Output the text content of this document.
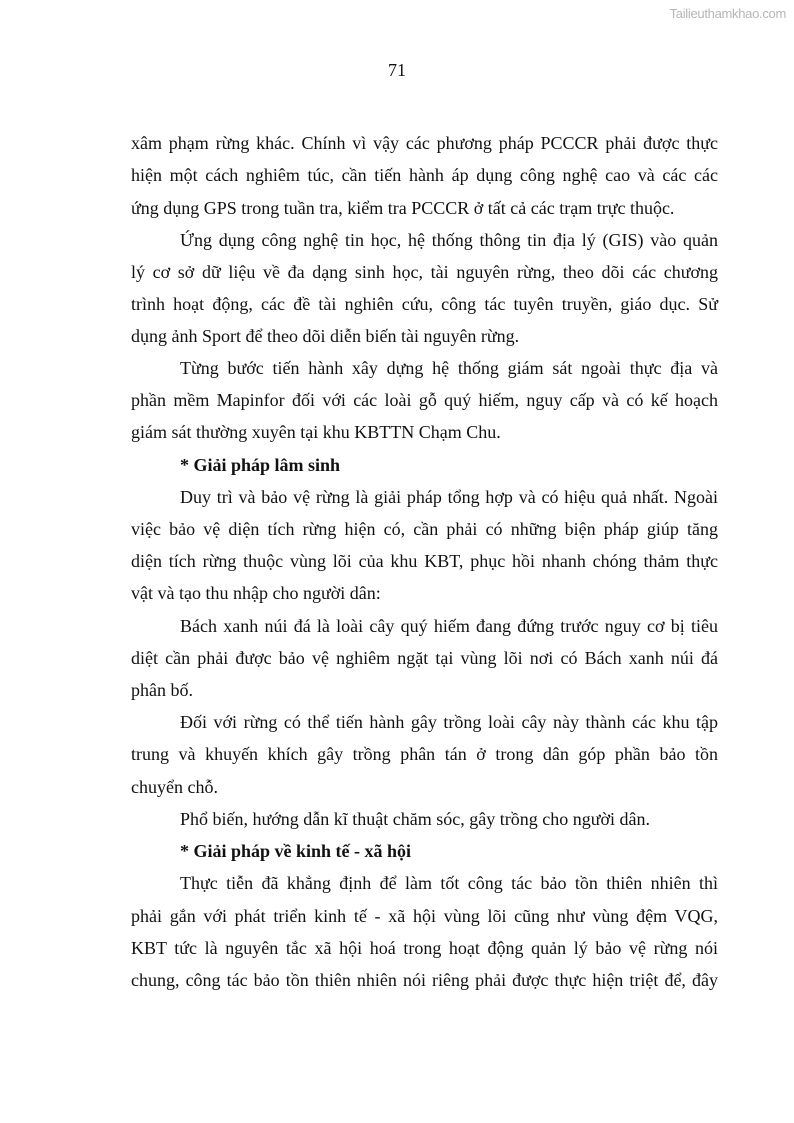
Tailieuthamkhao.com
71
xâm phạm rừng khác. Chính vì vậy các phương pháp PCCCR phải được thực
hiện một cách nghiêm túc, cần tiến hành áp dụng công nghệ cao và các các
ứng dụng GPS trong tuần tra, kiểm tra PCCCR ở tất cả các trạm trực thuộc.
Ứng dụng công nghệ tin học, hệ thống thông tin địa lý (GIS) vào quản
lý cơ sở dữ liệu về đa dạng sinh học, tài nguyên rừng, theo dõi các chương
trình hoạt động, các đề tài nghiên cứu, công tác tuyên truyền, giáo dục. Sử
dụng ảnh Sport để theo dõi diễn biến tài nguyên rừng.
Từng bước tiến hành xây dựng hệ thống giám sát ngoài thực địa và
phần mềm Mapinfor đối với các loài gỗ quý hiếm, nguy cấp và có kế hoạch
giám sát thường xuyên tại khu KBTTN Chạm Chu.
* Giải pháp lâm sinh
Duy trì và bảo vệ rừng là giải pháp tổng hợp và có hiệu quả nhất. Ngoài
việc bảo vệ diện tích rừng hiện có, cần phải có những biện pháp giúp tăng
diện tích rừng thuộc vùng lõi của khu KBT, phục hồi nhanh chóng thảm thực
vật và tạo thu nhập cho người dân:
Bách xanh núi đá là loài cây quý hiếm đang đứng trước nguy cơ bị tiêu
diệt cần phải được bảo vệ nghiêm ngặt tại vùng lõi nơi có Bách xanh núi đá
phân bố.
Đối với rừng có thể tiến hành gây trồng loài cây này thành các khu tập
trung và khuyến khích gây trồng phân tán ở trong dân góp phần bảo tồn
chuyển chỗ.
Phổ biến, hướng dẫn kĩ thuật chăm sóc, gây trồng cho người dân.
* Giải pháp về kinh tế - xã hội
Thực tiễn đã khẳng định để làm tốt công tác bảo tồn thiên nhiên thì
phải gắn với phát triển kinh tế - xã hội vùng lõi cũng như vùng đệm VQG,
KBT tức là nguyên tắc xã hội hoá trong hoạt động quản lý bảo vệ rừng nói
chung, công tác bảo tồn thiên nhiên nói riêng phải được thực hiện triệt để, đây
